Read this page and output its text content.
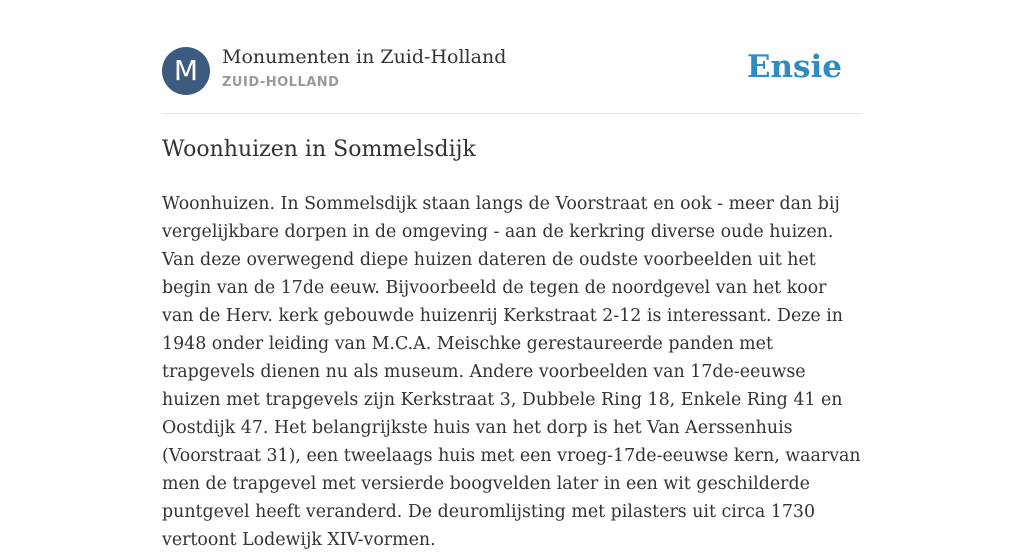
M	Monumenten in Zuid-Holland
ZUID-HOLLAND	Ensie
Woonhuizen in Sommelsdijk

Woonhuizen. In Sommelsdijk staan langs de Voorstraat en ook - meer dan bij vergelijkbare dorpen in de omgeving - aan de kerkring diverse oude huizen. Van deze overwegend diepe huizen dateren de oudste voorbeelden uit het begin van de 17de eeuw. Bijvoorbeeld de tegen de noordgevel van het koor van de Herv. kerk gebouwde huizenrij Kerkstraat 2-12 is interessant. Deze in 1948 onder leiding van M.C.A. Meischke gerestaureerde panden met trapgevels dienen nu als museum. Andere voorbeelden van 17de-eeuwse huizen met trapgevels zijn Kerkstraat 3, Dubbele Ring 18, Enkele Ring 41 en Oostdijk 47. Het belangrijkste huis van het dorp is het Van Aerssenhuis (Voorstraat 31), een tweelaags huis met een vroeg-17de-eeuwse kern, waarvan men de trapgevel met versierde boogvelden later in een wit geschilderde puntgevel heeft veranderd. De deuromlijsting met pilasters uit circa 1730 vertoont Lodewijk XIV-vormen.
